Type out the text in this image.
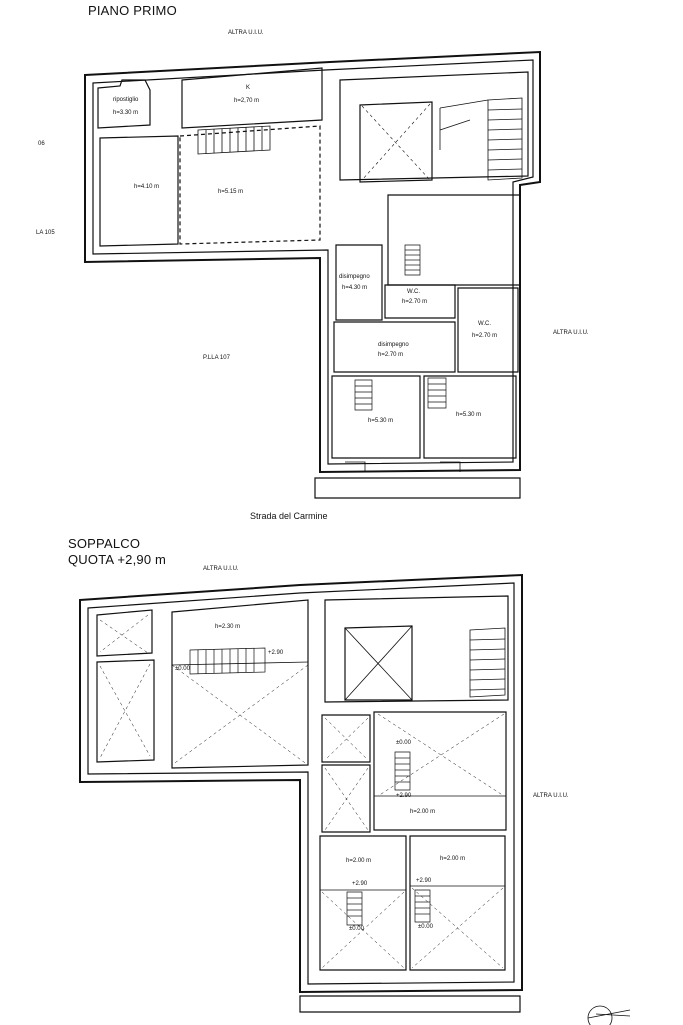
PIANO PRIMO
ALTRA U.I.U.
ALTRA U.I.U.
06
LA 105
P.LLA 107
Strada del Carmine
ripostiglio
h=3.30 m
K
h=2,70 m
h=4.10 m
h=5.15 m
disimpegno
h=4.30 m
W.C.
h=2.70 m
W.C.
h=2.70 m
disimpegno
h=2.70 m
h=5.30 m
h=5.30 m
SOPPALCO
QUOTA +2,90 m
ALTRA U.I.U.
ALTRA U.I.U.
h=2.30 m
±0.00
+2.90
±0.00
+2.90
h=2.00 m
h=2.00 m	h=2.00 m
+2.90	+2.90
±0.00	±0.00
